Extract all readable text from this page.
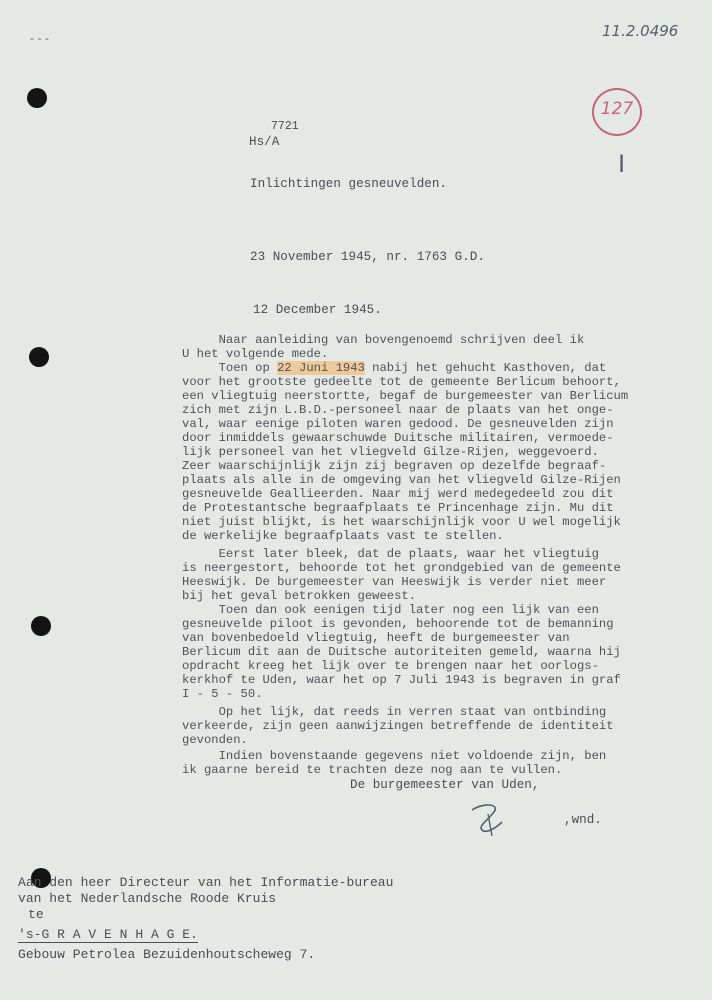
- - -	11.2.0496
127
I
7721
Hs/A
Inlichtingen gesneuvelden.
23 November 1945, nr. 1763 G.D.
12 December 1945.
Naar aanleiding van bovengenoemd schrijven deel ik
U het volgende mede.
Toen op 22 Juni 1943 nabij het gehucht Kasthoven, dat
voor het grootste gedeelte tot de gemeente Berlicum behoort,
een vliegtuig neerstortte, begaf de burgemeester van Berlicum
zich met zijn L.B.D.-personeel naar de plaats van het onge-
val, waar eenige piloten waren gedood. De gesneuvelden zijn
door inmiddels gewaarschuwde Duitsche militairen, vermoede-
lijk personeel van het vliegveld Gilze-Rijen, weggevoerd.
Zeer waarschijnlijk zijn zij begraven op dezelfde begraaf-
plaats als alle in de omgeving van het vliegveld Gilze-Rijen
gesneuvelde Geallieerden. Naar mij werd medegedeeld zou dit
de Protestantsche begraafplaats te Princenhage zijn. Mu dit
niet juist blijkt, is het waarschijnlijk voor U wel mogelijk
de werkelijke begraafplaats vast te stellen.
Eerst later bleek, dat de plaats, waar het vliegtuig
is neergestort, behoorde tot het grondgebied van de gemeente
Heeswijk. De burgemeester van Heeswijk is verder niet meer
bij het geval betrokken geweest.
Toen dan ook eenigen tijd later nog een lijk van een
gesneuvelde piloot is gevonden, behoorende tot de bemanning
van bovenbedoeld vliegtuig, heeft de burgemeester van
Berlicum dit aan de Duitsche autoriteiten gemeld, waarna hij
opdracht kreeg het lijk over te brengen naar het oorlogs-
kerkhof te Uden, waar het op 7 Juli 1943 is begraven in graf
I - 5 - 50.
Op het lijk, dat reeds in verren staat van ontbinding
verkeerde, zijn geen aanwijzingen betreffende de identiteit
gevonden.
Indien bovenstaande gegevens niet voldoende zijn, ben
ik gaarne bereid te trachten deze nog aan te vullen.
De burgemeester van Uden,
,wnd.
Aan den heer Directeur van het Informatie-bureau
van het Nederlandsche Roode Kruis
te
's-G R A V E N H A G E.
Gebouw Petrolea Bezuidenhoutscheweg 7.
